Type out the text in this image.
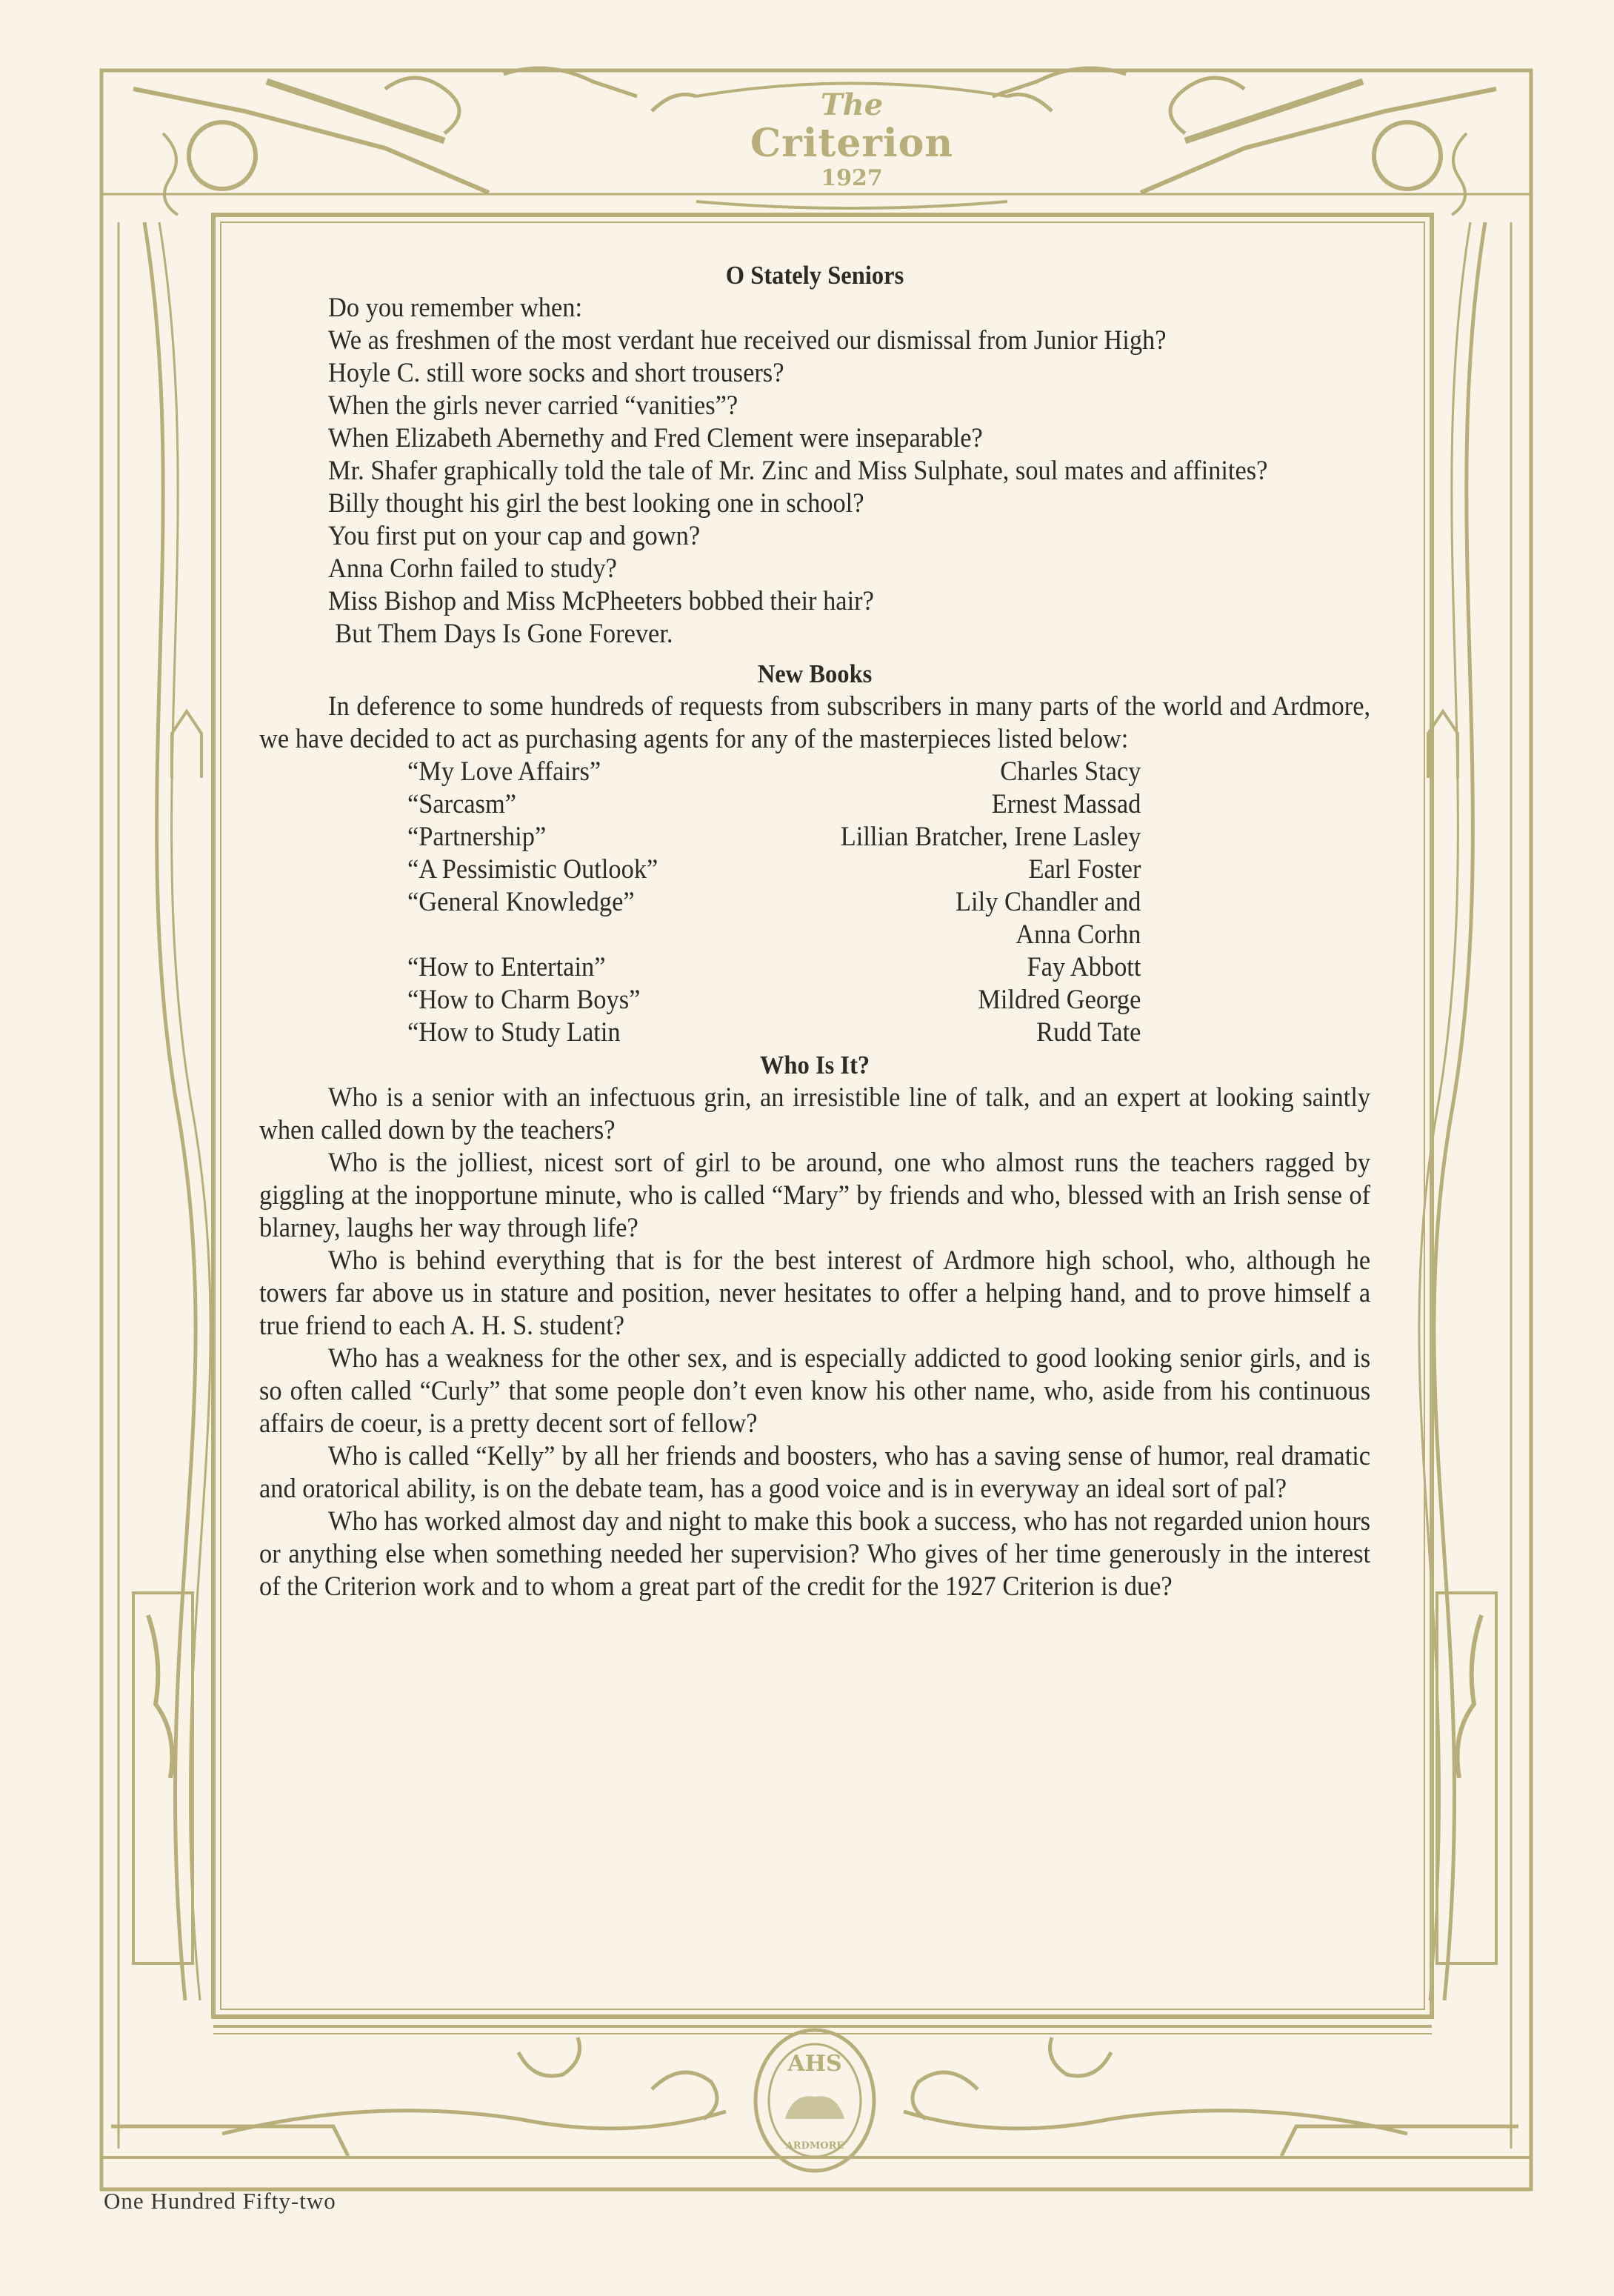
AHS
ARDMORE
The
Criterion
1927
O Stately Seniors

Do you remember when:

We as freshmen of the most verdant hue received our dismissal from Junior High?

Hoyle C. still wore socks and short trousers?

When the girls never carried “vanities”?

When Elizabeth Abernethy and Fred Clement were inseparable?

Mr. Shafer graphically told the tale of Mr. Zinc and Miss Sulphate, soul mates and affinites?

Billy thought his girl the best looking one in school?

You first put on your cap and gown?

Anna Corhn failed to study?

Miss Bishop and Miss McPheeters bobbed their hair?

But Them Days Is Gone Forever.

New Books

In deference to some hundreds of requests from subscribers in many parts of the world and Ardmore, we have decided to act as purchasing agents for any of the masterpieces listed below:

“My Love Affairs”	Charles Stacy
“Sarcasm”	Ernest Massad
“Partnership”	Lillian Bratcher, Irene Lasley
“A Pessimistic Outlook”	Earl Foster
“General Knowledge”	Lily Chandler and
Anna Corhn
“How to Entertain”	Fay Abbott
“How to Charm Boys”	Mildred George
“How to Study Latin	Rudd Tate
Who Is It?

Who is a senior with an infectuous grin, an irresistible line of talk, and an expert at looking saintly when called down by the teachers?

Who is the jolliest, nicest sort of girl to be around, one who almost runs the teachers ragged by giggling at the inopportune minute, who is called “Mary” by friends and who, blessed with an Irish sense of blarney, laughs her way through life?

Who is behind everything that is for the best interest of Ardmore high school, who, although he towers far above us in stature and position, never hesitates to offer a helping hand, and to prove himself a true friend to each A. H. S. student?

Who has a weakness for the other sex, and is especially addicted to good looking senior girls, and is so often called “Curly” that some people don’t even know his other name, who, aside from his continuous affairs de coeur, is a pretty decent sort of fellow?

Who is called “Kelly” by all her friends and boosters, who has a saving sense of humor, real dramatic and oratorical ability, is on the debate team, has a good voice and is in everyway an ideal sort of pal?

Who has worked almost day and night to make this book a success, who has not regarded union hours or anything else when something needed her supervision? Who gives of her time generously in the interest of the Criterion work and to whom a great part of the credit for the 1927 Criterion is due?

One Hundred Fifty-two
